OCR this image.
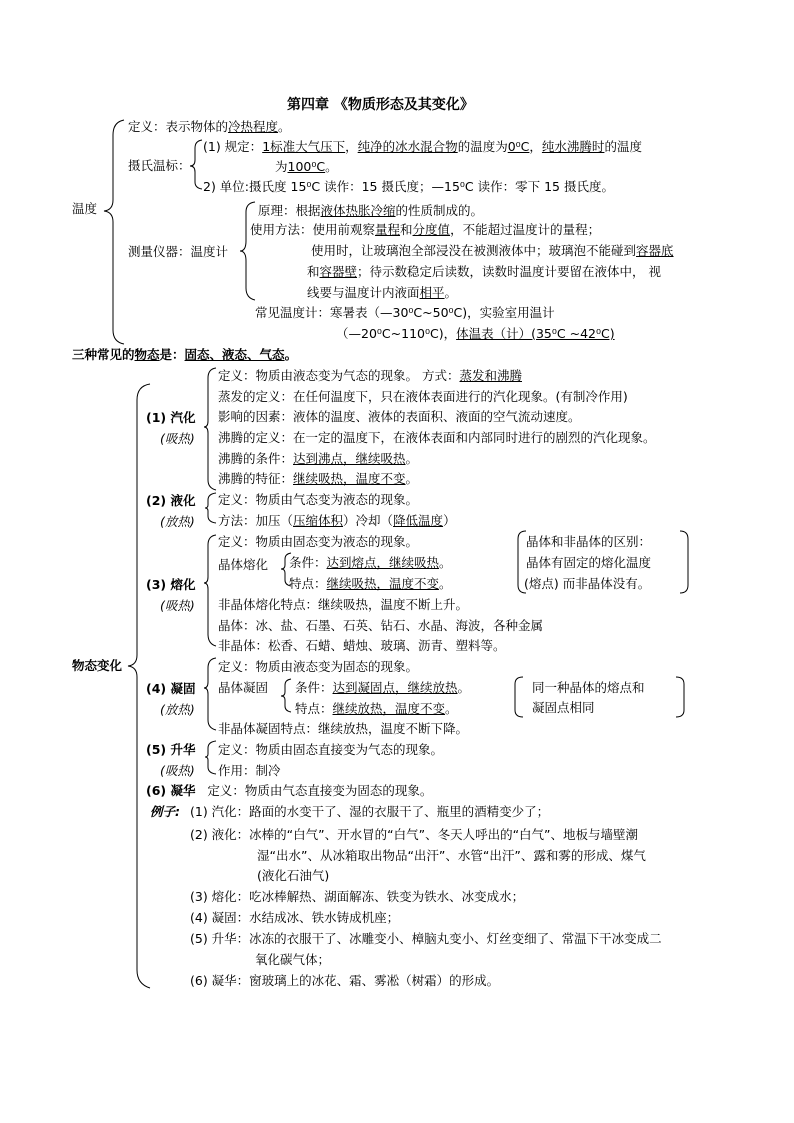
第四章 《物质形态及其变化》
温度
定义：表示物体的冷热程度。
摄氏温标：
(1) 规定：1标准大气压下，纯净的冰水混合物的温度为0⁰C，纯水沸腾时的温度
为100⁰C。
2) 单位:摄氏度 15⁰C 读作：15 摄氏度；—15⁰C 读作：零下 15 摄氏度。
测量仪器：温度计
原理：根据液体热胀冷缩的性质制成的。
使用方法：使用前观察量程和分度值，不能超过温度计的量程；
使用时，让玻璃泡全部浸没在被测液体中；玻璃泡不能碰到容器底
和容器壁；待示数稳定后读数，读数时温度计要留在液体中， 视
线要与温度计内液面相平。
常见温度计：寒暑表（—30⁰C~50⁰C)，实验室用温计
（—20⁰C~110⁰C)，体温表（计）(35⁰C ~42⁰C)
三种常见的物态是：固态、液态、气态。
物态变化
(1) 汽化
(吸热)
定义：物质由液态变为气态的现象。 方式：蒸发和沸腾
蒸发的定义：在任何温度下，只在液体表面进行的汽化现象。(有制冷作用)
影响的因素：液体的温度、液体的表面积、液面的空气流动速度。
沸腾的定义：在一定的温度下，在液体表面和内部同时进行的剧烈的汽化现象。
沸腾的条件：达到沸点，继续吸热。
沸腾的特征：继续吸热，温度不变。
(2) 液化
(放热)
定义：物质由气态变为液态的现象。
方法：加压（压缩体积）冷却（降低温度）
(3) 熔化
(吸热)
定义：物质由固态变为液态的现象。
晶体熔化 条件：达到熔点，继续吸热。
特点：继续吸热，温度不变。
晶体和非晶体的区别：
晶体有固定的熔化温度
(熔点) 而非晶体没有。
非晶体熔化特点：继续吸热，温度不断上升。
晶体：冰、盐、石墨、石英、钻石、水晶、海波，各种金属
非晶体：松香、石蜡、蜡烛、玻璃、沥青、塑料等。
(4) 凝固
(放热)
定义：物质由液态变为固态的现象。
晶体凝固 条件：达到凝固点，继续放热。
特点：继续放热，温度不变。
同一种晶体的熔点和
凝固点相同
非晶体凝固特点：继续放热，温度不断下降。
(5) 升华
(吸热)
定义：物质由固态直接变为气态的现象。
作用：制冷
(6) 凝华 定义：物质由气态直接变为固态的现象。
例子: (1) 汽化：路面的水变干了、湿的衣服干了、瓶里的酒精变少了；
(2) 液化：冰棒的“白气”、开水冒的“白气”、冬天人呼出的“白气”、地板与墙壁潮
湿“出水”、从冰箱取出物品“出汗”、水管“出汗”、露和雾的形成、煤气
(液化石油气)
(3) 熔化：吃冰棒解热、湖面解冻、铁变为铁水、冰变成水；
(4) 凝固：水结成冰、铁水铸成机座；
(5) 升华：冰冻的衣服干了、冰雕变小、樟脑丸变小、灯丝变细了、常温下干冰变成二
氧化碳气体；
(6) 凝华：窗玻璃上的冰花、霜、雾凇（树霜）的形成。
